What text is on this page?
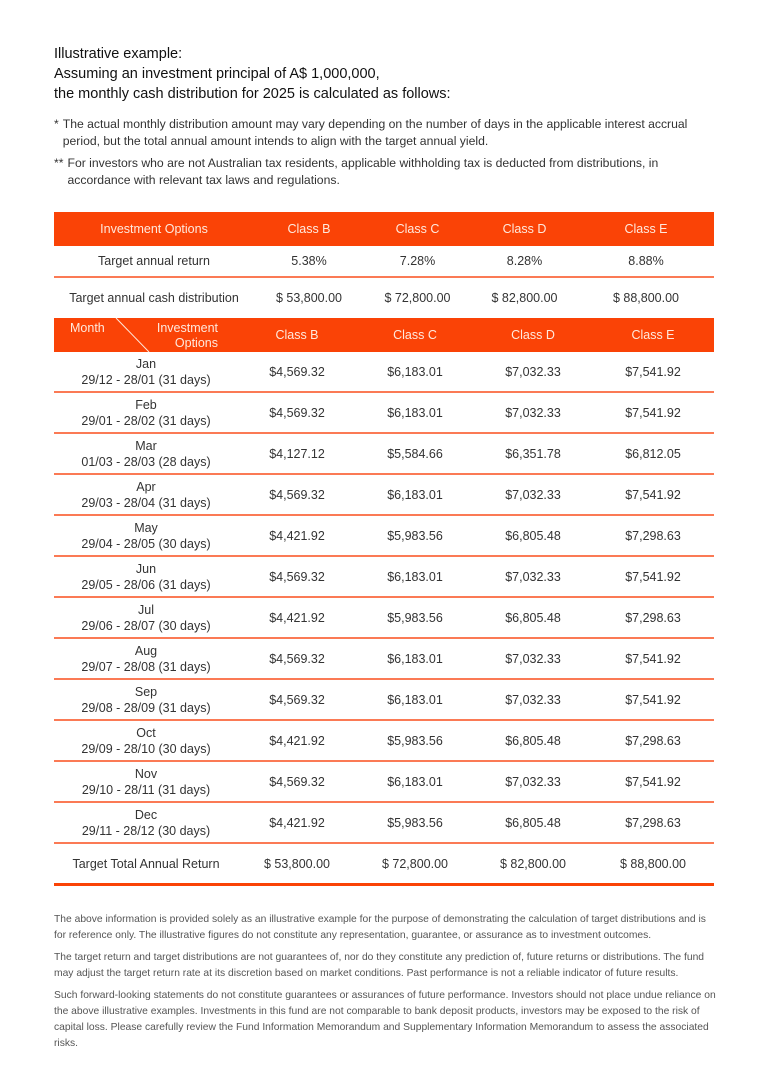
Illustrative example:
Assuming an investment principal of A$ 1,000,000,
the monthly cash distribution for 2025 is calculated as follows:
* The actual monthly distribution amount may vary depending on the number of days in the applicable interest accrual period, but the total annual amount intends to align with the target annual yield.
** For investors who are not Australian tax residents, applicable withholding tax is deducted from distributions, in accordance with relevant tax laws and regulations.
Investment Options	Class B	Class C	Class D	Class E
Target annual return	5.38%	7.28%	8.28%	8.88%
Target annual cash distribution	$ 53,800.00	$ 72,800.00	$ 82,800.00	$ 88,800.00
Month Investment
Options	Class B	Class C	Class D	Class E
Jan
29/12 - 28/01 (31 days)	$4,569.32	$6,183.01	$7,032.33	$7,541.92
Feb
29/01 - 28/02 (31 days)	$4,569.32	$6,183.01	$7,032.33	$7,541.92
Mar
01/03 - 28/03 (28 days)	$4,127.12	$5,584.66	$6,351.78	$6,812.05
Apr
29/03 - 28/04 (31 days)	$4,569.32	$6,183.01	$7,032.33	$7,541.92
May
29/04 - 28/05 (30 days)	$4,421.92	$5,983.56	$6,805.48	$7,298.63
Jun
29/05 - 28/06 (31 days)	$4,569.32	$6,183.01	$7,032.33	$7,541.92
Jul
29/06 - 28/07 (30 days)	$4,421.92	$5,983.56	$6,805.48	$7,298.63
Aug
29/07 - 28/08 (31 days)	$4,569.32	$6,183.01	$7,032.33	$7,541.92
Sep
29/08 - 28/09 (31 days)	$4,569.32	$6,183.01	$7,032.33	$7,541.92
Oct
29/09 - 28/10 (30 days)	$4,421.92	$5,983.56	$6,805.48	$7,298.63
Nov
29/10 - 28/11 (31 days)	$4,569.32	$6,183.01	$7,032.33	$7,541.92
Dec
29/11 - 28/12 (30 days)	$4,421.92	$5,983.56	$6,805.48	$7,298.63
Target Total Annual Return	$ 53,800.00	$ 72,800.00	$ 82,800.00	$ 88,800.00

The above information is provided solely as an illustrative example for the purpose of demonstrating the calculation of target distributions and is for reference only. The illustrative figures do not constitute any representation, guarantee, or assurance as to investment outcomes.

The target return and target distributions are not guarantees of, nor do they constitute any prediction of, future returns or distributions. The fund may adjust the target return rate at its discretion based on market conditions. Past performance is not a reliable indicator of future results.

Such forward-looking statements do not constitute guarantees or assurances of future performance. Investors should not place undue reliance on the above illustrative examples. Investments in this fund are not comparable to bank deposit products, investors may be exposed to the risk of capital loss. Please carefully review the Fund Information Memorandum and Supplementary Information Memorandum to assess the associated risks.
